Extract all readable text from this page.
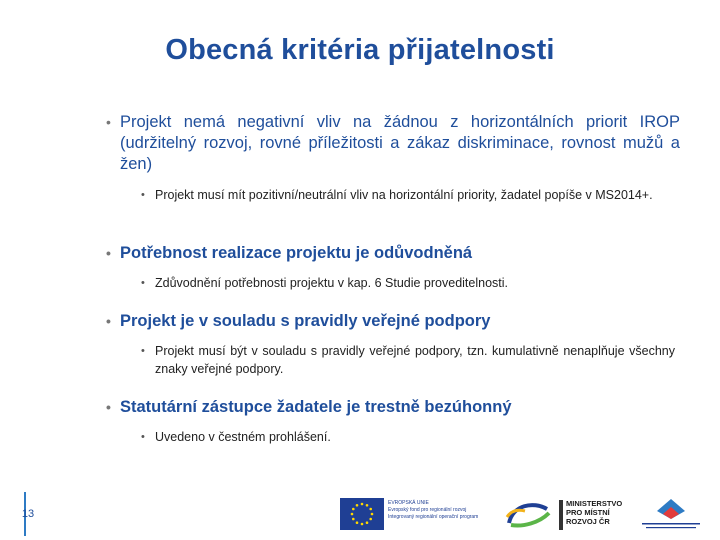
Obecná kritéria přijatelnosti
• Projekt nemá negativní vliv na žádnou z horizontálních priorit IROP (udržitelný rozvoj, rovné příležitosti a zákaz diskriminace, rovnost mužů a žen)
• Projekt musí mít pozitivní/neutrální vliv na horizontální priority, žadatel popíše v MS2014+.
• Potřebnost realizace projektu je odůvodněná
• Zdůvodnění potřebnosti projektu v kap. 6 Studie proveditelnosti.
• Projekt je v souladu s pravidly veřejné podpory
• Projekt musí být v souladu s pravidly veřejné podpory, tzn. kumulativně nenaplňuje všechny znaky veřejné podpory.
• Statutární zástupce žadatele je trestně bezúhonný
• Uvedeno v čestném prohlášení.
13
EVROPSKÁ UNIE
Evropský fond pro regionální rozvoj
Integrovaný regionální operační program
MINISTERSTVO
PRO MÍSTNÍ
ROZVOJ ČR
